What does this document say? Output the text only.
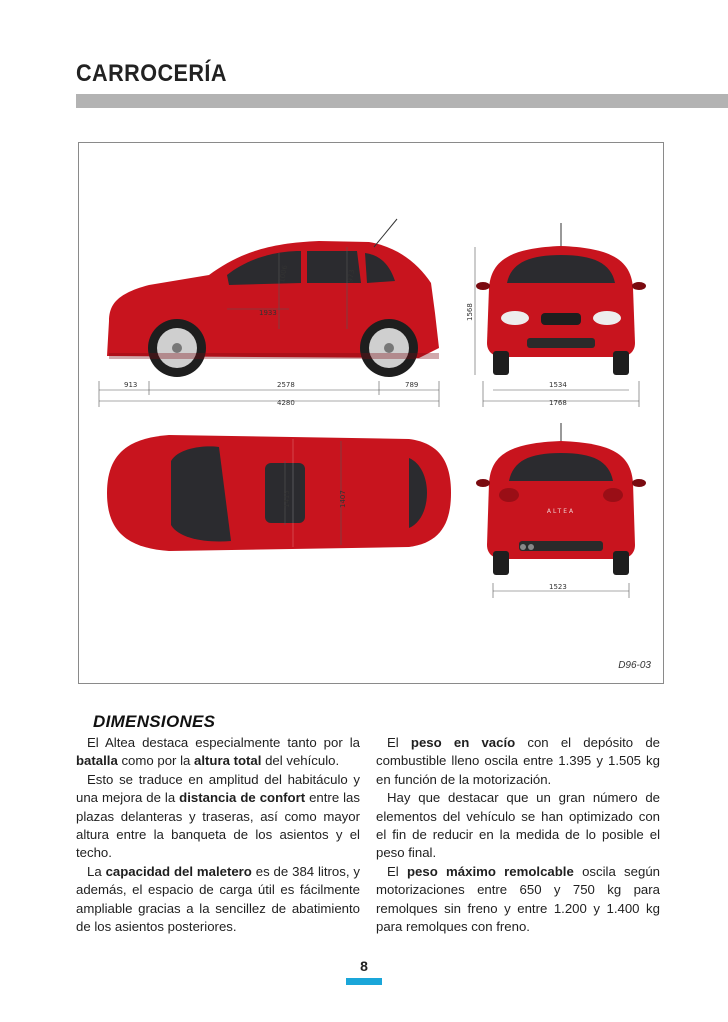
CARROCERÍA
913	2578	789
4280
1933
1006	973
1568
1534
1768
1415	1407
ALTEA
1523
D96-03
DIMENSIONES

El Altea destaca especialmente tanto por la batalla como por la altura total del vehículo.

Esto se traduce en amplitud del habitáculo y una mejora de la distancia de confort entre las plazas delanteras y traseras, así como mayor altura entre la banqueta de los asientos y el techo.

La capacidad del maletero es de 384 litros, y además, el espacio de carga útil es fácilmente ampliable gracias a la sencillez de abatimiento de los asientos posteriores.

El peso en vacío con el depósito de combustible lleno oscila entre 1.395 y 1.505 kg en función de la motorización.

Hay que destacar que un gran número de elementos del vehículo se han optimizado con el fin de reducir en la medida de lo posible el peso final.

El peso máximo remolcable oscila según motorizaciones entre 650 y 750 kg para remolques sin freno y entre 1.200 y 1.400 kg para remolques con freno.

8
